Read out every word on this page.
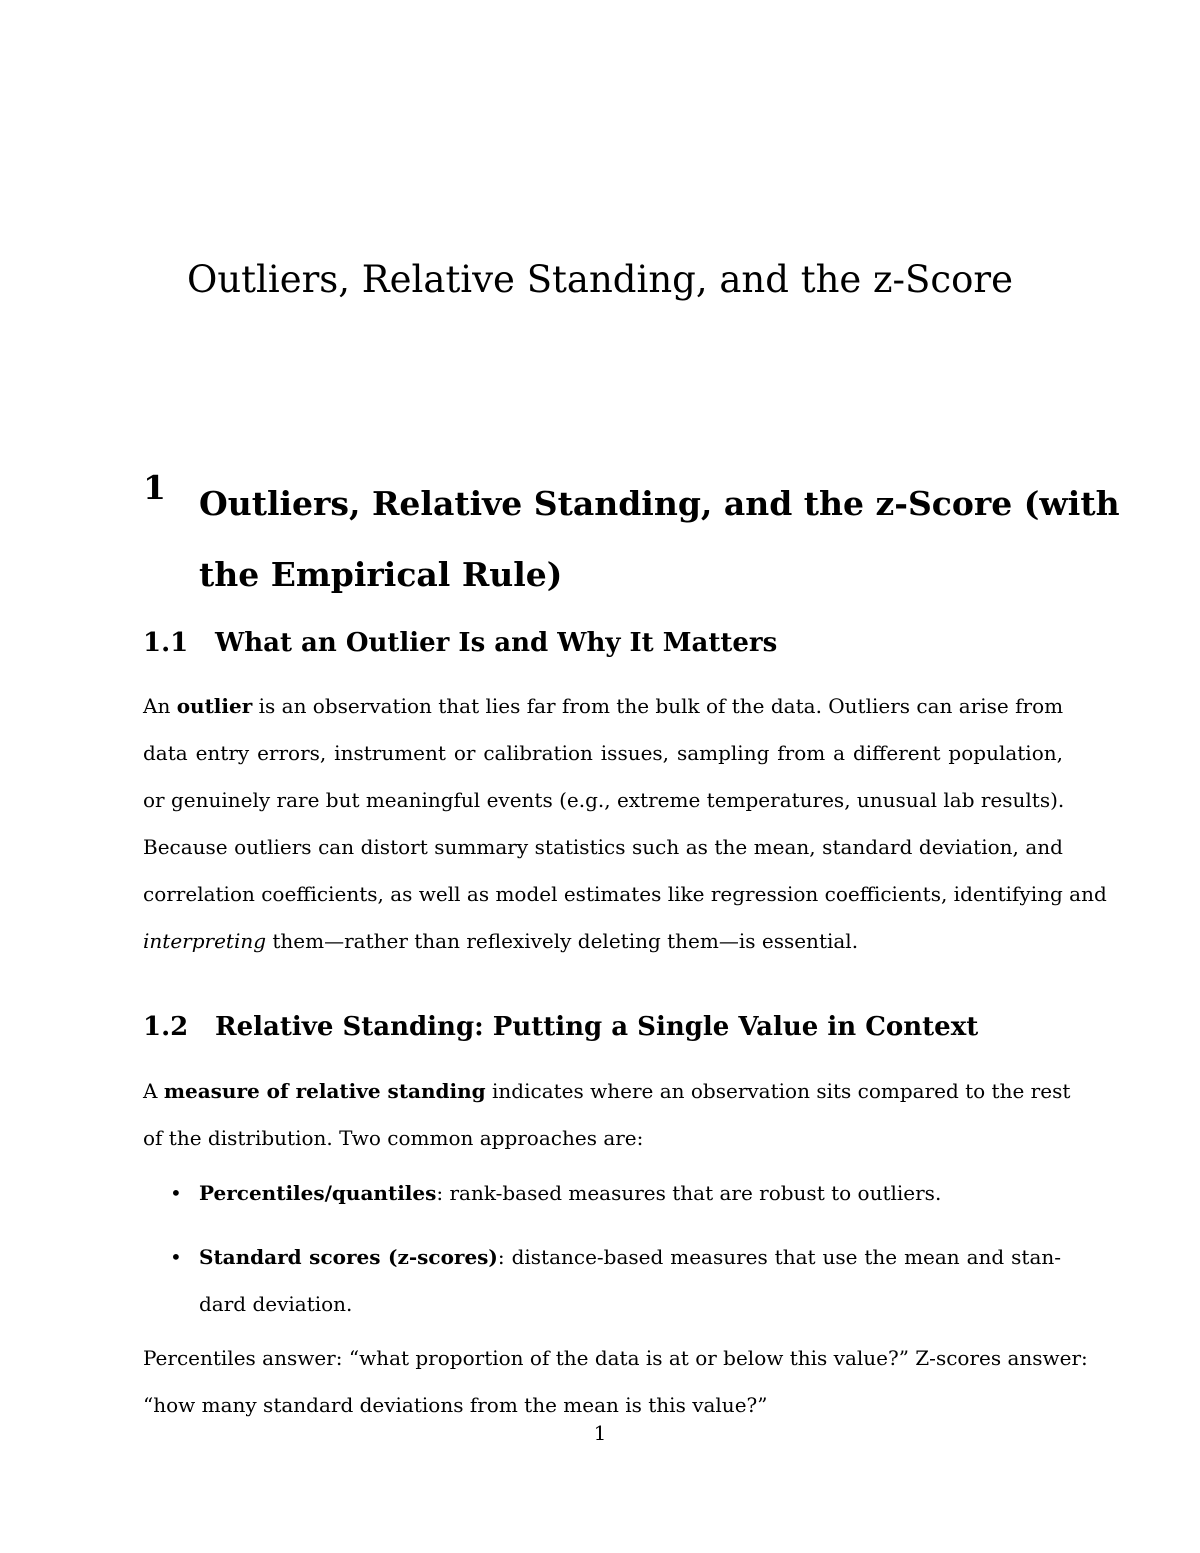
Outliers, Relative Standing, and the z-Score
1 Outliers, Relative Standing, and the z-Score (with
the Empirical Rule)
1.1 What an Outlier Is and Why It Matters
An outlier is an observation that lies far from the bulk of the data. Outliers can arise from
data entry errors, instrument or calibration issues, sampling from a different population,
or genuinely rare but meaningful events (e.g., extreme temperatures, unusual lab results).
Because outliers can distort summary statistics such as the mean, standard deviation, and
correlation coefficients, as well as model estimates like regression coefficients, identifying and
interpreting them—rather than reflexively deleting them—is essential.
1.2 Relative Standing: Putting a Single Value in Context
A measure of relative standing indicates where an observation sits compared to the rest
of the distribution. Two common approaches are:
• Percentiles/quantiles: rank-based measures that are robust to outliers.
• Standard scores (z-scores): distance-based measures that use the mean and stan-
dard deviation.
Percentiles answer: “what proportion of the data is at or below this value?” Z-scores answer:
“how many standard deviations from the mean is this value?”
1
